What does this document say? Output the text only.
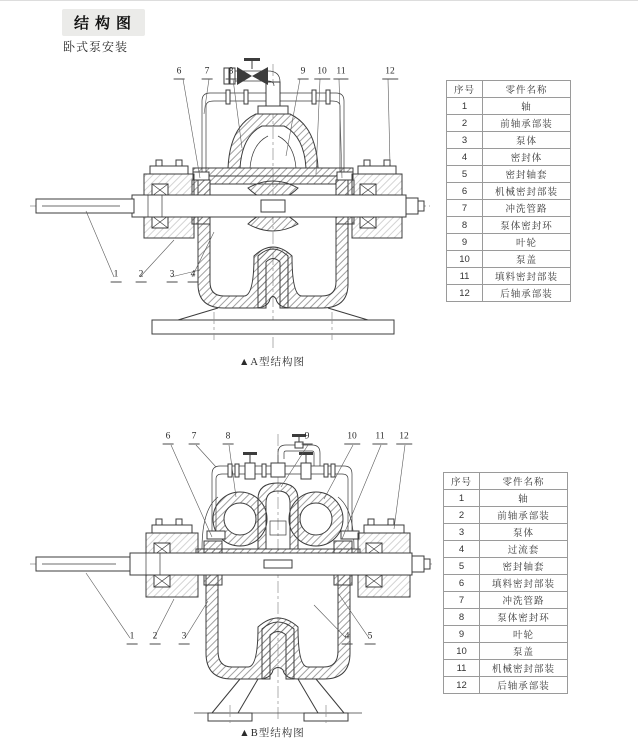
结构图
卧式泵安装
6	7	8	9	10	11	12
1	2	3	4
6	7	8	9	10	11	12
1	2	3	4	5
▲A型结构图
▲B型结构图
序号	零件名称
1	轴
2	前轴承部装
3	泵体
4	密封体
5	密封轴套
6	机械密封部装
7	冲洗管路
8	泵体密封环
9	叶轮
10	泵盖
11	填料密封部装
12	后轴承部装
序号	零件名称
1	轴
2	前轴承部装
3	泵体
4	过流套
5	密封轴套
6	填料密封部装
7	冲洗管路
8	泵体密封环
9	叶轮
10	泵盖
11	机械密封部装
12	后轴承部装
